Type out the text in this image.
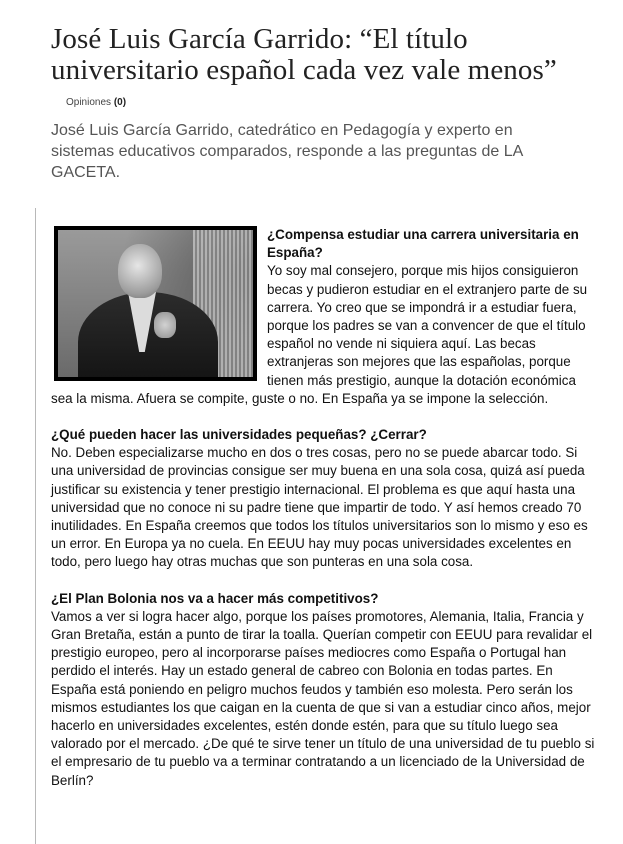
José Luis García Garrido: “El título universitario español cada vez vale menos”
Opiniones (0)

José Luis García Garrido, catedrático en Pedagogía y experto en sistemas educativos comparados, responde a las preguntas de LA GACETA.

¿Compensa estudiar una carrera universitaria en España?
Yo soy mal consejero, porque mis hijos consiguieron becas y pudieron estudiar en el extranjero parte de su carrera. Yo creo que se impondrá ir a estudiar fuera, porque los padres se van a convencer de que el título español no vende ni siquiera aquí. Las becas extranjeras son mejores que las españolas, porque tienen más prestigio, aunque la dotación económica sea la misma. Afuera se compite, guste o no. En España ya se impone la selección.
¿Qué pueden hacer las universidades pequeñas? ¿Cerrar?
No. Deben especializarse mucho en dos o tres cosas, pero no se puede abarcar todo. Si una universidad de provincias consigue ser muy buena en una sola cosa, quizá así pueda justificar su existencia y tener prestigio internacional. El problema es que aquí hasta una universidad que no conoce ni su padre tiene que impartir de todo. Y así hemos creado 70 inutilidades. En España creemos que todos los títulos universitarios son lo mismo y eso es un error. En Europa ya no cuela. En EEUU hay muy pocas universidades excelentes en todo, pero luego hay otras muchas que son punteras en una sola cosa.
¿El Plan Bolonia nos va a hacer más competitivos?
Vamos a ver si logra hacer algo, porque los países promotores, Alemania, Italia, Francia y Gran Bretaña, están a punto de tirar la toalla. Querían competir con EEUU para revalidar el prestigio europeo, pero al incorporarse países mediocres como España o Portugal han perdido el interés. Hay un estado general de cabreo con Bolonia en todas partes. En España está poniendo en peligro muchos feudos y también eso molesta. Pero serán los mismos estudiantes los que caigan en la cuenta de que si van a estudiar cinco años, mejor hacerlo en universidades excelentes, estén donde estén, para que su título luego sea valorado por el mercado. ¿De qué te sirve tener un título de una universidad de tu pueblo si el empresario de tu pueblo va a terminar contratando a un licenciado de la Universidad de Berlín?
